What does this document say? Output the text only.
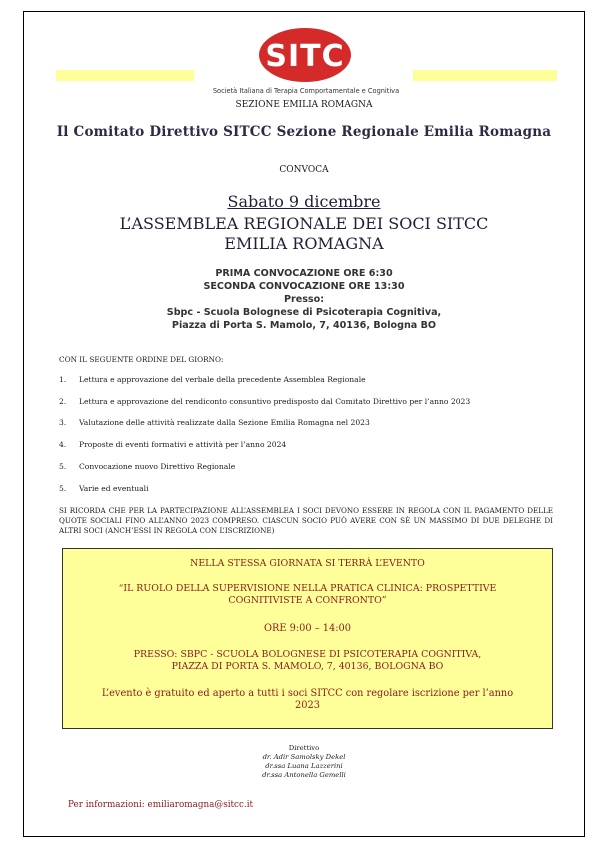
SITC
Società Italiana di Terapia Comportamentale e Cognitiva
SEZIONE EMILIA ROMAGNA
Il Comitato Direttivo SITCC Sezione Regionale Emilia Romagna
CONVOCA
Sabato 9 dicembre
L’ASSEMBLEA REGIONALE DEI SOCI SITCC
EMILIA ROMAGNA
PRIMA CONVOCAZIONE ORE 6:30
SECONDA CONVOCAZIONE ORE 13:30
Presso:
Sbpc - Scuola Bolognese di Psicoterapia Cognitiva,
Piazza di Porta S. Mamolo, 7, 40136, Bologna BO
CON IL SEGUENTE ORDINE DEL GIORNO:
1. Lettura e approvazione del verbale della precedente Assemblea Regionale
2. Lettura e approvazione del rendiconto consuntivo predisposto dal Comitato Direttivo per l’anno 2023
3. Valutazione delle attività realizzate dalla Sezione Emilia Romagna nel 2023
4. Proposte di eventi formativi e attività per l’anno 2024
5. Convocazione nuovo Direttivo Regionale
5. Varie ed eventuali
SI RICORDA CHE PER LA PARTECIPAZIONE ALL’ASSEMBLEA I SOCI DEVONO ESSERE IN REGOLA CON IL PAGAMENTO DELLE QUOTE SOCIALI FINO ALL’ANNO 2023 COMPRESO. CIASCUN SOCIO PUÒ AVERE CON SÈ UN MASSIMO DI DUE DELEGHE DI ALTRI SOCI (ANCH’ESSI IN REGOLA CON L’ISCRIZIONE)
NELLA STESSA GIORNATA SI TERRÀ L’EVENTO
“IL RUOLO DELLA SUPERVISIONE NELLA PRATICA CLINICA: PROSPETTIVE
COGNITIVISTE A CONFRONTO”
ORE 9:00 – 14:00
PRESSO: SBPC - SCUOLA BOLOGNESE DI PSICOTERAPIA COGNITIVA,
PIAZZA DI PORTA S. MAMOLO, 7, 40136, BOLOGNA BO
L’evento è gratuito ed aperto a tutti i soci SITCC con regolare iscrizione per l’anno
2023
Direttivo
dr. Adir Samolsky Dekel
dr.ssa Luana Lazzerini
dr.ssa Antonella Gemelli
Per informazioni: emiliaromagna@sitcc.it
